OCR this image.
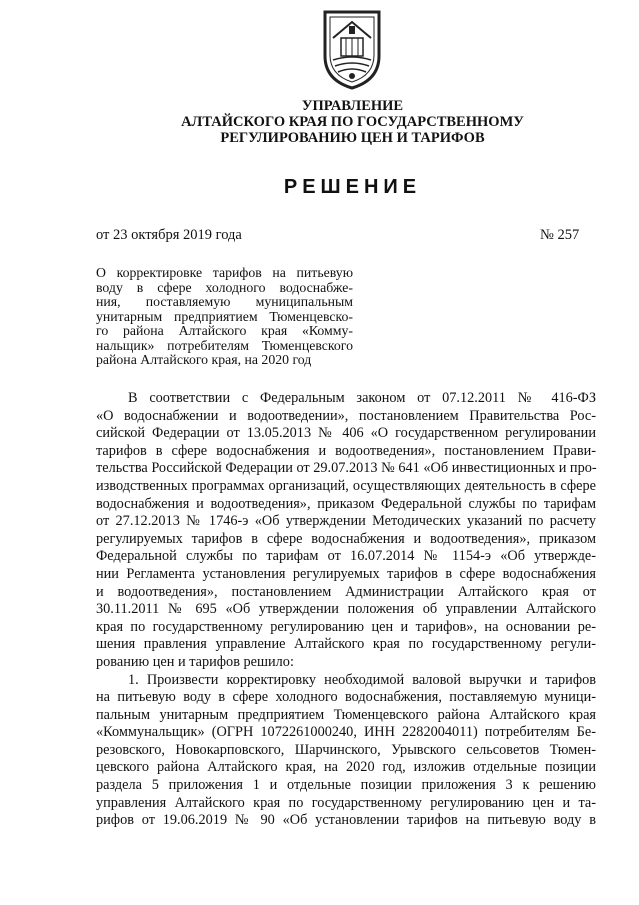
УПРАВЛЕНИЕ
АЛТАЙСКОГО КРАЯ ПО ГОСУДАРСТВЕННОМУ
РЕГУЛИРОВАНИЮ ЦЕН И ТАРИФОВ
РЕШЕНИЕ
от 23 октября 2019 года	№ 257
О корректировке тарифов на питьевую
воду в сфере холодного водоснабже-
ния, поставляемую муниципальным
унитарным предприятием Тюменцевско-
го района Алтайского края «Комму-
нальщик» потребителям Тюменцевского
района Алтайского края, на 2020 год
В соответствии с Федеральным законом от 07.12.2011 № 416-ФЗ
«О водоснабжении и водоотведении», постановлением Правительства Рос-
сийской Федерации от 13.05.2013 № 406 «О государственном регулировании
тарифов в сфере водоснабжения и водоотведения», постановлением Прави-
тельства Российской Федерации от 29.07.2013 № 641 «Об инвестиционных и про-
изводственных программах организаций, осуществляющих деятельность в сфере
водоснабжения и водоотведения», приказом Федеральной службы по тарифам
от 27.12.2013 № 1746-э «Об утверждении Методических указаний по расчету
регулируемых тарифов в сфере водоснабжения и водоотведения», приказом
Федеральной службы по тарифам от 16.07.2014 № 1154-э «Об утвержде-
нии Регламента установления регулируемых тарифов в сфере водоснабжения
и водоотведения», постановлением Администрации Алтайского края от
30.11.2011 № 695 «Об утверждении положения об управлении Алтайского
края по государственному регулированию цен и тарифов», на основании ре-
шения правления управление Алтайского края по государственному регули-
рованию цен и тарифов решило:
1. Произвести корректировку необходимой валовой выручки и тарифов
на питьевую воду в сфере холодного водоснабжения, поставляемую муници-
пальным унитарным предприятием Тюменцевского района Алтайского края
«Коммунальщик» (ОГРН 1072261000240, ИНН 2282004011) потребителям Бе-
резовского, Новокарповского, Шарчинского, Урывского сельсоветов Тюмен-
цевского района Алтайского края, на 2020 год, изложив отдельные позиции
раздела 5 приложения 1 и отдельные позиции приложения 3 к решению
управления Алтайского края по государственному регулированию цен и та-
рифов от 19.06.2019 № 90 «Об установлении тарифов на питьевую воду в
